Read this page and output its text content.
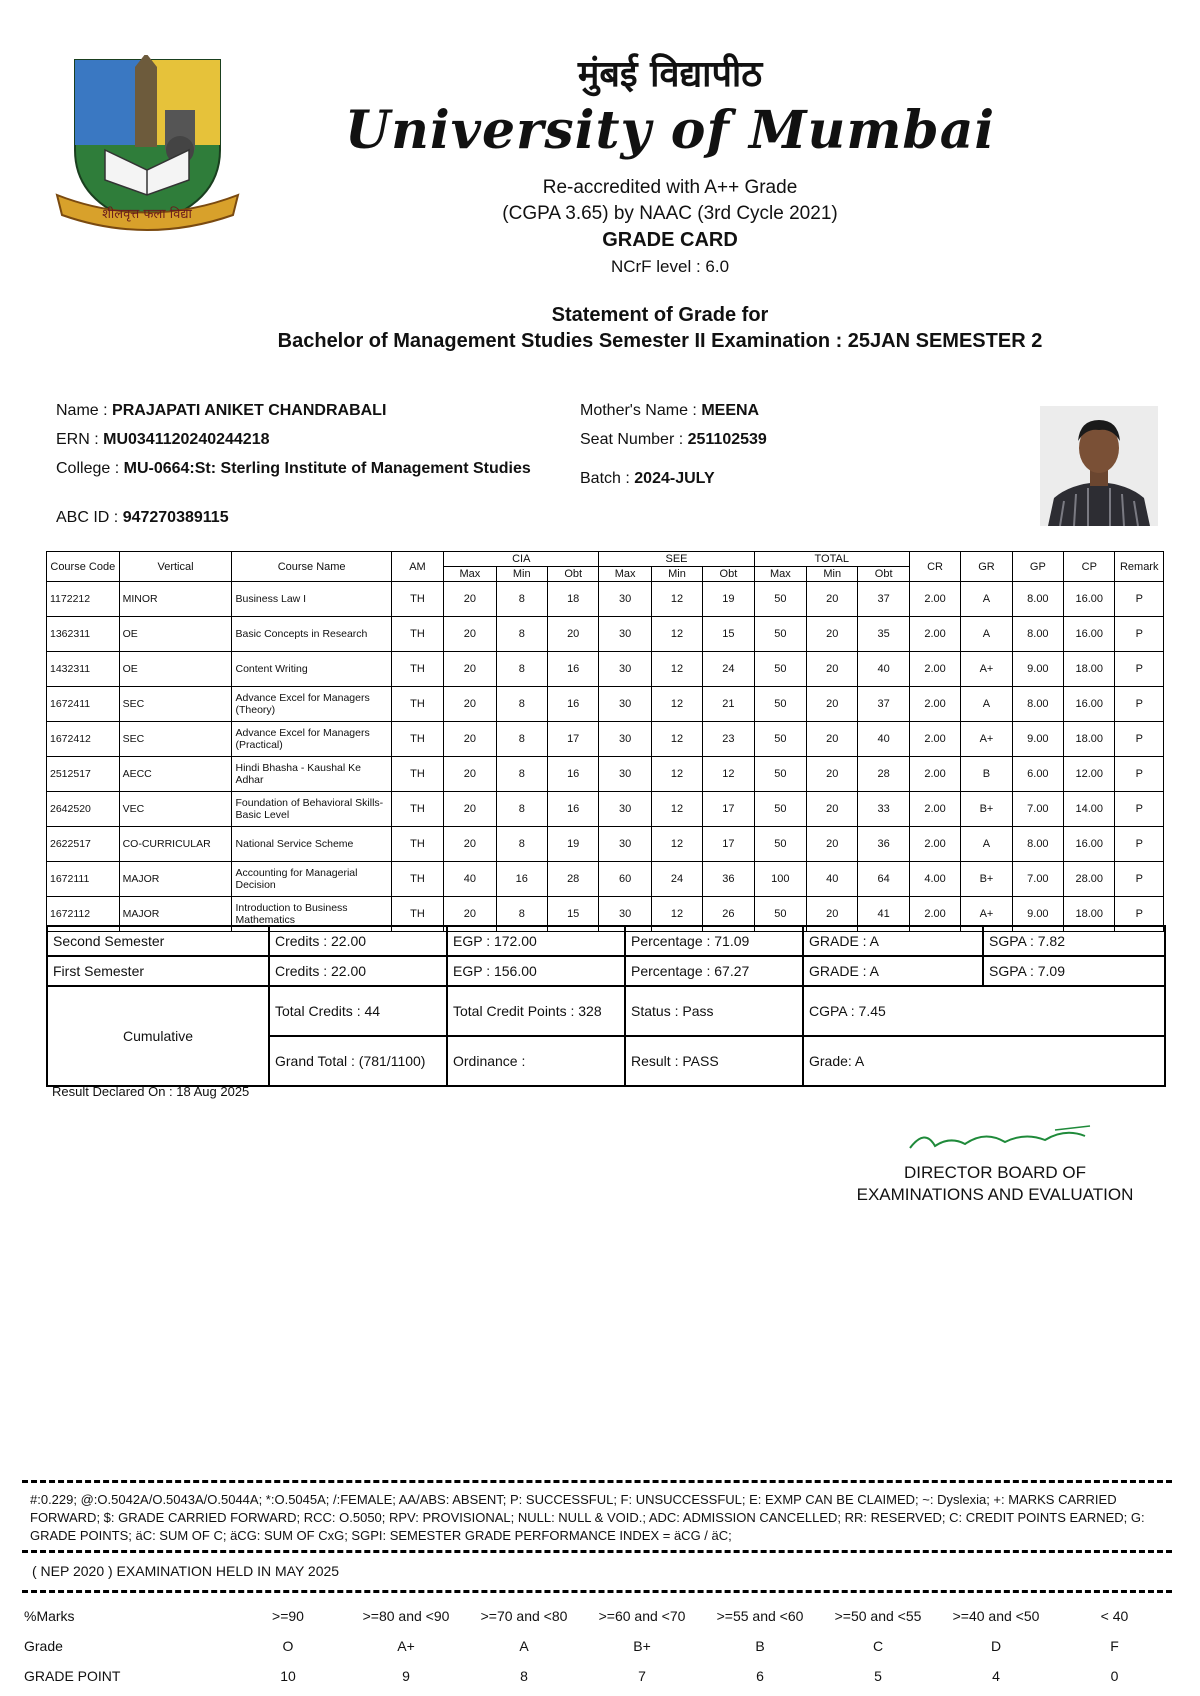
शीलवृत्त फला विद्या
मुंबई विद्यापीठ
University of Mumbai
Re-accredited with A++ Grade
(CGPA 3.65) by NAAC (3rd Cycle 2021)
GRADE CARD
NCrF level : 6.0
Statement of Grade for
Bachelor of Management Studies Semester II Examination : 25JAN SEMESTER 2
Name : PRAJAPATI ANIKET CHANDRABALI
ERN : MU0341120240244218
College : MU-0664:St: Sterling Institute of Management Studies
ABC ID : 947270389115
Mother's Name : MEENA
Seat Number : 251102539
Batch : 2024-JULY
Course Code	Vertical	Course Name	AM	CIA			SEE			TOTAL			CR	GR	GP	CP	Remark
				Max	Min	Obt	Max	Min	Obt	Max	Min	Obt					
1172212	MINOR	Business Law I	TH	20	8	18	30	12	19	50	20	37	2.00	A	8.00	16.00	P
1362311	OE	Basic Concepts in Research	TH	20	8	20	30	12	15	50	20	35	2.00	A	8.00	16.00	P
1432311	OE	Content Writing	TH	20	8	16	30	12	24	50	20	40	2.00	A+	9.00	18.00	P
1672411	SEC	Advance Excel for Managers (Theory)	TH	20	8	16	30	12	21	50	20	37	2.00	A	8.00	16.00	P
1672412	SEC	Advance Excel for Managers (Practical)	TH	20	8	17	30	12	23	50	20	40	2.00	A+	9.00	18.00	P
2512517	AECC	Hindi Bhasha - Kaushal Ke Adhar	TH	20	8	16	30	12	12	50	20	28	2.00	B	6.00	12.00	P
2642520	VEC	Foundation of Behavioral Skills- Basic Level	TH	20	8	16	30	12	17	50	20	33	2.00	B+	7.00	14.00	P
2622517	CO-CURRICULAR	National Service Scheme	TH	20	8	19	30	12	17	50	20	36	2.00	A	8.00	16.00	P
1672111	MAJOR	Accounting for Managerial Decision	TH	40	16	28	60	24	36	100	40	64	4.00	B+	7.00	28.00	P
1672112	MAJOR	Introduction to Business Mathematics	TH	20	8	15	30	12	26	50	20	41	2.00	A+	9.00	18.00	P
Second Semester	Credits : 22.00	EGP : 172.00	Percentage : 71.09	GRADE : A	SGPA : 7.82
First Semester	Credits : 22.00	EGP : 156.00	Percentage : 67.27	GRADE : A	SGPA : 7.09
Cumulative	Total Credits : 44	Total Credit Points : 328	Status : Pass	CGPA : 7.45	
	Grand Total : (781/1100)	Ordinance :	Result : PASS	Grade: A	
Result Declared On : 18 Aug 2025
DIRECTOR BOARD OF
EXAMINATIONS AND EVALUATION
#:0.229; @:O.5042A/O.5043A/O.5044A; *:O.5045A; /:FEMALE; AA/ABS: ABSENT; P: SUCCESSFUL; F: UNSUCCESSFUL; E: EXMP CAN BE CLAIMED; ~: Dyslexia; +: MARKS CARRIED FORWARD; $: GRADE CARRIED FORWARD; RCC: O.5050; RPV: PROVISIONAL; NULL: NULL & VOID.; ADC: ADMISSION CANCELLED; RR: RESERVED; C: CREDIT POINTS EARNED; G: GRADE POINTS; äC: SUM OF C; äCG: SUM OF CxG; SGPI: SEMESTER GRADE PERFORMANCE INDEX = äCG / äC;
( NEP 2020 ) EXAMINATION HELD IN MAY 2025
%Marks	>=90	>=80 and <90	>=70 and <80	>=60 and <70	>=55 and <60	>=50 and <55	>=40 and <50	< 40
Grade	O	A+	A	B+	B	C	D	F
GRADE POINT	10	9	8	7	6	5	4	0
